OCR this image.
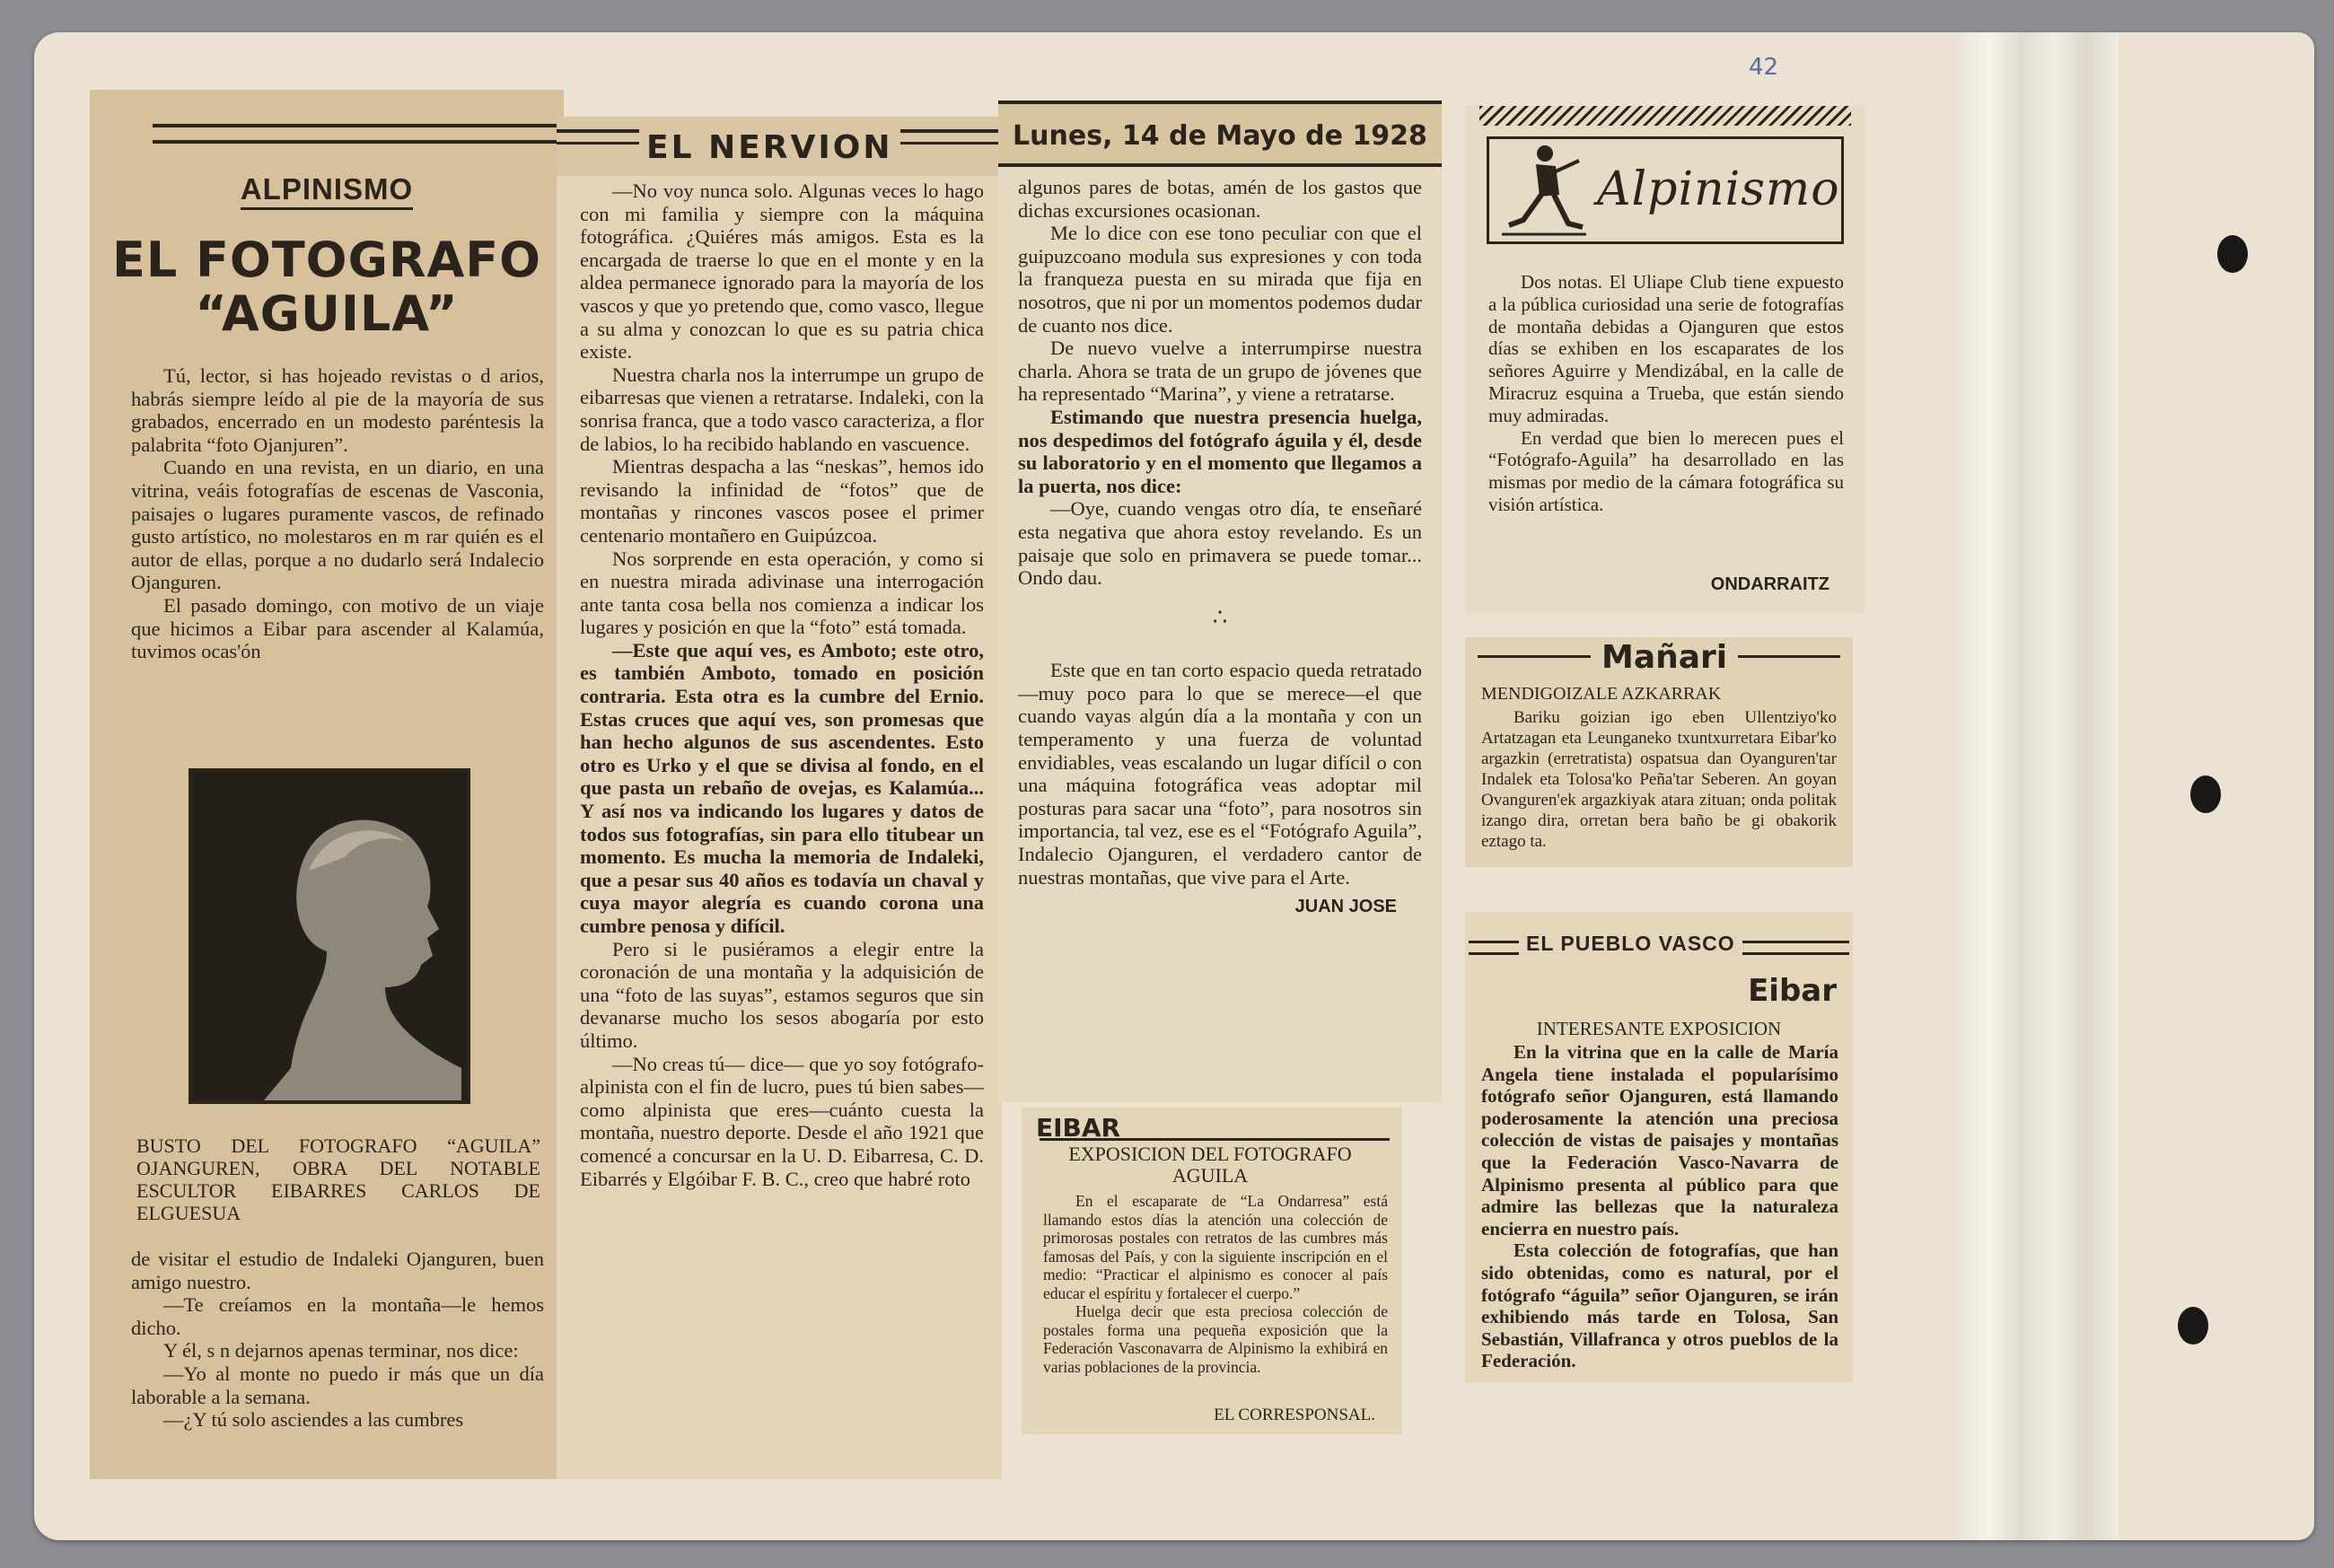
42
ALPINISMO
EL FOTOGRAFO
“AGUILA”

Tú, lector, si has hojeado revistas o d arios, habrás siempre leído al pie de la mayoría de sus grabados, encerrado en un modesto paréntesis la palabrita “foto Ojanjuren”.

Cuando en una revista, en un diario, en una vitrina, veáis fotografías de escenas de Vasconia, paisajes o lugares puramente vascos, de refinado gusto artístico, no molestaros en m rar quién es el autor de ellas, porque a no dudarlo será Indalecio Ojanguren.

El pasado domingo, con motivo de un viaje que hicimos a Eibar para ascender al Kalamúa, tuvimos ocas'ón

BUSTO DEL FOTOGRAFO “AGUILA” OJANGUREN, OBRA DEL NOTABLE ESCULTOR EIBARRES CARLOS DE ELGUESUA

de visitar el estudio de Indaleki Ojanguren, buen amigo nuestro.

—Te creíamos en la montaña—le hemos dicho.

Y él, s n dejarnos apenas terminar, nos dice:

—Yo al monte no puedo ir más que un día laborable a la semana.

—¿Y tú solo asciendes a las cumbres

EL NERVION

—No voy nunca solo. Algunas veces lo hago con mi familia y siempre con la máquina fotográfica. ¿Quiéres más amigos. Esta es la encargada de traerse lo que en el monte y en la aldea permanece ignorado para la mayoría de los vascos y que yo pretendo que, como vasco, llegue a su alma y conozcan lo que es su patria chica existe.

Nuestra charla nos la interrumpe un grupo de eibarresas que vienen a retratarse. Indaleki, con la sonrisa franca, que a todo vasco caracteriza, a flor de labios, lo ha recibido hablando en vascuence.

Mientras despacha a las “neskas”, hemos ido revisando la infinidad de “fotos” que de montañas y rincones vascos posee el primer centenario montañero en Guipúzcoa.

Nos sorprende en esta operación, y como si en nuestra mirada adivinase una interrogación ante tanta cosa bella nos comienza a indicar los lugares y posición en que la “foto” está tomada.

—Este que aquí ves, es Amboto; este otro, es también Amboto, tomado en posición contraria. Esta otra es la cumbre del Ernio. Estas cruces que aquí ves, son promesas que han hecho algunos de sus ascendentes. Esto otro es Urko y el que se divisa al fondo, en el que pasta un rebaño de ovejas, es Kalamúa... Y así nos va indicando los lugares y datos de todos sus fotografías, sin para ello titubear un momento. Es mucha la memoria de Indaleki, que a pesar sus 40 años es todavía un chaval y cuya mayor alegría es cuando corona una cumbre penosa y difícil.

Pero si le pusiéramos a elegir entre la coronación de una montaña y la adquisición de una “foto de las suyas”, estamos seguros que sin devanarse mucho los sesos abogaría por esto último.

—No creas tú— dice— que yo soy fotógrafo-alpinista con el fin de lucro, pues tú bien sabes—como alpinista que eres—cuánto cuesta la montaña, nuestro deporte. Desde el año 1921 que comencé a concursar en la U. D. Eibarresa, C. D. Eibarrés y Elgóibar F. B. C., creo que habré roto

Lunes, 14 de Mayo de 1928

algunos pares de botas, amén de los gastos que dichas excursiones ocasionan.

Me lo dice con ese tono peculiar con que el guipuzcoano modula sus expresiones y con toda la franqueza puesta en su mirada que fija en nosotros, que ni por un momentos podemos dudar de cuanto nos dice.

De nuevo vuelve a interrumpirse nuestra charla. Ahora se trata de un grupo de jóvenes que ha representado “Marina”, y viene a retratarse.

Estimando que nuestra presencia huelga, nos despedimos del fotógrafo águila y él, desde su laboratorio y en el momento que llegamos a la puerta, nos dice:

—Oye, cuando vengas otro día, te enseñaré esta negativa que ahora estoy revelando. Es un paisaje que solo en primavera se puede tomar... Ondo dau.

∴

Este que en tan corto espacio queda retratado—muy poco para lo que se merece—el que cuando vayas algún día a la montaña y con un temperamento y una fuerza de voluntad envidiables, veas escalando un lugar difícil o con una máquina fotográfica veas adoptar mil posturas para sacar una “foto”, para nosotros sin importancia, tal vez, ese es el “Fotógrafo Aguila”, Indalecio Ojanguren, el verdadero cantor de nuestras montañas, que vive para el Arte.

JUAN JOSE
EIBAR
EXPOSICION DEL FOTOGRAFO AGUILA

En el escaparate de “La Ondarresa” está llamando estos días la atención una colección de primorosas postales con retratos de las cumbres más famosas del País, y con la siguiente inscripción en el medio: “Practicar el alpinismo es conocer al país educar el espíritu y fortalecer el cuerpo.”

Huelga decir que esta preciosa colección de postales forma una pequeña exposición que la Federación Vasconavarra de Alpinismo la exhibirá en varias poblaciones de la provincia.

EL CORRESPONSAL.
Alpinismo

Dos notas. El Uliape Club tiene expuesto a la pública curiosidad una serie de fotografías de montaña debidas a Ojanguren que estos días se exhiben en los escaparates de los señores Aguirre y Mendizábal, en la calle de Miracruz esquina a Trueba, que están siendo muy admiradas.

En verdad que bien lo merecen pues el “Fotógrafo-Aguila” ha desarrollado en las mismas por medio de la cámara fotográfica su visión artística.

ONDARRAITZ
Mañari
MENDIGOIZALE AZKARRAK

Bariku goizian igo eben Ullentziyo'ko Artatzagan eta Leunganeko txuntxurretara Eibar'ko argazkin (erretratista) ospatsua dan Oyanguren'tar Indalek eta Tolosa'ko Peña'tar Seberen. An goyan Ovanguren'ek argazkiyak atara zituan; onda politak izango dira, orretan bera baño be gi obakorik eztago ta.

EL PUEBLO VASCO
Eibar
INTERESANTE EXPOSICION

En la vitrina que en la calle de María Angela tiene instalada el popularísimo fotógrafo señor Ojanguren, está llamando poderosamente la atención una preciosa colección de vistas de paisajes y montañas que la Federación Vasco-Navarra de Alpinismo presenta al público para que admire las bellezas que la naturaleza encierra en nuestro país.

Esta colección de fotografías, que han sido obtenidas, como es natural, por el fotógrafo “águila” señor Ojanguren, se irán exhibiendo más tarde en Tolosa, San Sebastián, Villafranca y otros pueblos de la Federación.
